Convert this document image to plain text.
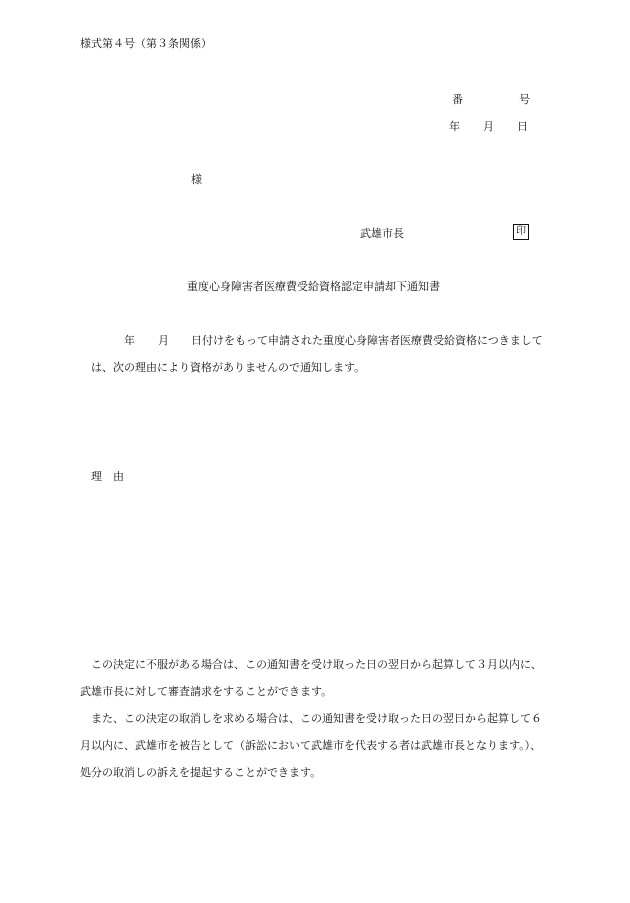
様式第４号（第３条関係）
番	号
年 月 日
様
武雄市長	印
重度心身障害者医療費受給資格認定申請却下通知書
年 月 日付けをもって申請された重度心身障害者医療費受給資格につきまして
は、次の理由により資格がありませんので通知します。
理　由
この決定に不服がある場合は、この通知書を受け取った日の翌日から起算して３月以内に、
武雄市長に対して審査請求をすることができます。
また、この決定の取消しを求める場合は、この通知書を受け取った日の翌日から起算して６
月以内に、武雄市を被告として（訴訟において武雄市を代表する者は武雄市長となります。）、
処分の取消しの訴えを提起することができます。
